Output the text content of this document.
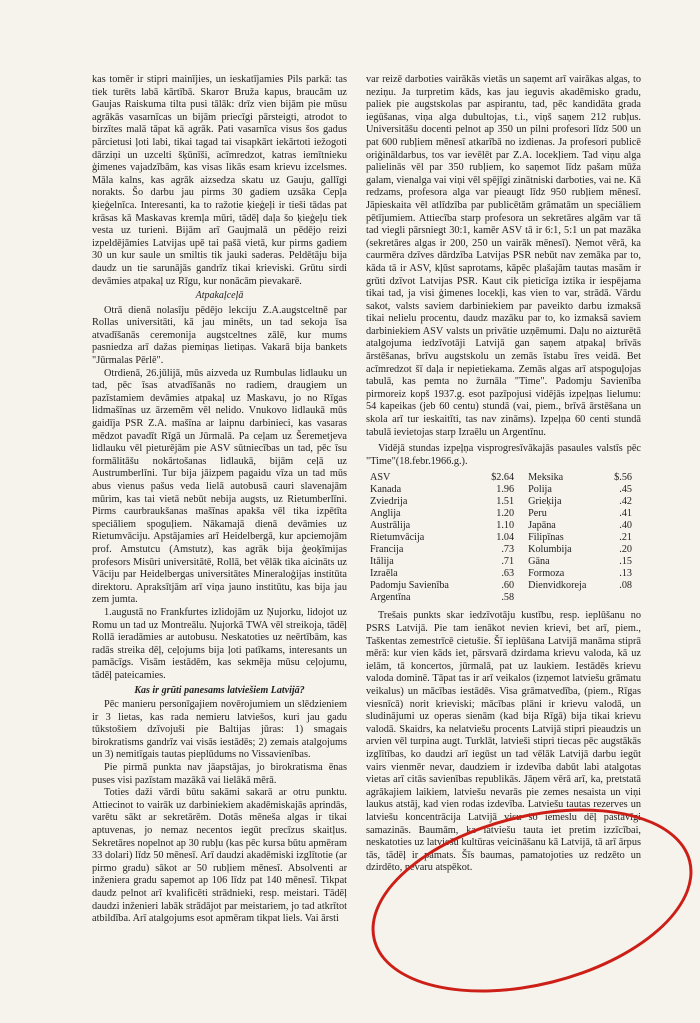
kas tomēr ir stipri mainījies, un ieskatījamies Pils parkā: tas tiek turēts labā kārtībā. Skaroт Bruža kapus, braucām uz Gaujas Raiskuma tilta pusi tālāk: drīz vien bijām pie mūsu agrākās vasarnīcas un bijām priecīgi pārsteigti, atrodot to birzītes malā tāpat kā agrāk. Pati vasarnīca visus šos gadus pārcietusi ļoti labi, tikai tagad tai visapkārt iekārtoti iežogoti dārziņi un uzcelti šķūnīši, acīmredzot, katras iemītnieku ģimenes vajadzībām, kas visas likās esam krievu izcelsmes. Māla kalns, kas agrāk aizsedza skatu uz Gauju, gallīgi norakts. Šo darbu jau pirms 30 gadiem uzsāka Cepļa ķieģelnīca. Interesanti, ka to ražotie ķieģeļi ir tieši tādas pat krāsas kā Maskavas kremļa mūri, tādēļ daļa šo ķieģeļu tiek vesta uz turieni. Bijām arī Gaujmalā un pēdējo reizi izpeldējāmies Latvijas upē tai pašā vietā, kur pirms gadiem 30 un kur saule un smiltis tik jauki saderas. Peldētāju bija daudz un tie sarunājās gandrīz tikai krieviski. Grūtu sirdi devāmies atpakaļ uz Rīgu, kur nonācām pievakarē.

Atpakaļceļā

Otrā dienā nolasīju pēdējo lekciju Z.A.augstceltnē par Rollas universitāti, kā jau minēts, un tad sekoja īsa atvadīšanās ceremonija augstceltnes zālē, kur mums pasniedza arī dažas piemiņas lietiņas. Vakarā bija bankets "Jūrmalas Pērlē".

Otrdienā, 26.jūlijā, mūs aizveda uz Rumbulas lidlauku un tad, pēc īsas atvadīšanās no radiem, draugiem un pazīstamiem devāmies atpakaļ uz Maskavu, jo no Rīgas lidmašīnas uz ārzemēm vēl nelido. Vnukovo lidlaukā mūs gaidīja PSR Z.A. mašīna ar laipnu darbinieci, kas vasaras mēdzot pavadīt Rīgā un Jūrmalā. Pa ceļam uz Šeremetjeva lidlauku vēl pieturējām pie ASV sūtniecības un tad, pēc īsu formālitāšu nokārtošanas lidlaukā, bijām ceļā uz Austrumberlīni. Tur bija jāizpem pagaidu vīza un tad mūs abus vienus pašus veda lielā autobusā cauri slavenajām mūrim, kas tai vietā nebūt nebija augsts, uz Rietumberlīni. Pirms caurbraukšanas mašīnas apakša vēl tika izpētīta speciāliem spoguļiem. Nākamajā dienā devāmies uz Rietumvāciju. Apstājamies arī Heidelbergā, kur apciemojām prof. Amstutcu (Amstutz), kas agrāk bija ģeoķīmijas profesors Misūri universitātē, Rollā, bet vēlāk tika aicināts uz Vāciju par Heidelbergas universitātes Mineraloģijas institūta direktoru. Apraksītjām arī viņa jauno institūtu, kas bija jau zem jumta.

1.augustā no Frankfurtes izlidojām uz Ņujorku, lidojot uz Romu un tad uz Montreālu. Ņujorkā TWA vēl streikoja, tādēļ Rollā ieradāmies ar autobusu. Neskatoties uz neērtībām, kas radās streika dēļ, ceļojums bija ļoti patīkams, interesants un pamācīgs. Visām iestādēm, kas sekmēja mūsu ceļojumu, tādēļ pateicamies.

Kas ir grūti panesams latviešiem Latvijā?

Pēc manieru personīgajiem novērojumiem un slēdzieniem ir 3 lietas, kas rada nemieru latviešos, kuri jau gadu tūkstošiem dzīvojuši pie Baltijas jūras: 1) smagais birokratisms gandrīz vai visās iestādēs; 2) zemais atalgojums un 3) nemitīgais tautas pieplūdums no Vissavienības.

Pie pirmā punkta nav jāapstājas, jo birokratisma ēnas puses visi pazīstam mazākā vai lielākā mērā.

Toties daži vārdi būtu sakāmi sakarā ar otru punktu. Attiecinot to vairāk uz darbiniekiem akadēmiskajās aprindās, varētu sākt ar sekretārēm. Dotās mēneša algas ir tikai aptuvenas, jo nemaz necentos iegūt precīzus skaitļus. Sekretāres nopelnot ap 30 rubļu (kas pēc kursa būtu apmēram 33 dolari) līdz 50 mēnesī. Arī daudzi akadēmiski izglītotie (ar pirmo gradu) sākot ar 50 rubļiem mēnesī. Absolventi ar inženiera gradu sapemot ap 106 līdz pat 140 mēnesī. Tikpat daudz pelnot arī kvalificēti strādnieki, resp. meistari. Tādēļ daudzi inženieri labāk strādājot par meistariem, jo tad atkrītot atbildība. Arī atalgojums esot apmēram tikpat liels. Vai ārsti

var reizē darboties vairākās vietās un saņemt arī vairākas algas, to neziņu. Ja turpretim kāds, kas jau ieguvis akadēmisko gradu, paliek pie augstskolas par aspirantu, tad, pēc kandidāta grada iegūšanas, viņa alga dubultojas, t.i., viņš saņem 212 rubļus. Universitāšu docenti pelnot ap 350 un pilni profesori līdz 500 un pat 600 rubļiem mēnesī atkarībā no izdienas. Ja profesori publicē oriģināldarbus, tos var ievēlēt par Z.A. locekļiem. Tad viņu alga palielinās vēl par 350 rubļiem, ko saņemot līdz pašam mūža galam, vienalga vai viņi vēl spējīgi zinātniski darboties, vai ne. Kā redzams, profesora alga var pieaugt līdz 950 rubļiem mēnesī. Jāpieskaita vēl atlīdzība par publicētām grāmatām un speciāliem pētījumiem. Attiecība starp profesora un sekretāres algām var tā tad viegli pārsniegt 30:1, kamēr ASV tā ir 6:1, 5:1 un pat mazāka (sekretāres algas ir 200, 250 un vairāk mēnesī). Ņemot vērā, ka caurmēra dzīves dārdzība Latvijas PSR nebūt nav zemāka par to, kāda tā ir ASV, kļūst saprotams, kāpēc plašajām tautas masām ir grūti dzīvot Latvijas PSR. Kaut cik pieticīga iztika ir iespējama tikai tad, ja visi ģimenes locekļi, kas vien to var, strādā. Vārdu sakot, valsts saviem darbiniekiem par paveikto darbu izmaksā tikai nelielu procentu, daudz mazāku par to, ko izmaksā saviem darbiniekiem ASV valsts un privātie uzņēmumi. Daļu no aizturētā atalgojuma iedzīvotāji Latvijā gan saņem atpakaļ brīvās ārstēšanas, brīvu augstskolu un zemās īstabu īres veidā. Bet acīmredzot šī daļa ir nepietiekama. Zemās algas arī atspoguļojas tabulā, kas pemta no žurnāla "Time". Padomju Savienība pirmoreiz kopš 1937.g. esot pazīpojusi vidējās izpeļņas lielumu: 54 kapeikas (jeb 60 centu) stundā (vai, piem., brīvā ārstēšana un skola arī tur ieskaitīti, tas nav zināms). Izpeļņa 60 centi stundā tabulā ievietojas starp Izraēlu un Argentīnu.

Vidējā stundas izpeļņa visprogresīvākajās pasaules valstīs pēc "Time"(18.febr.1966.g.).

ASV	$2.64	Meksika	$.56
Kanada	1.96	Polija	.45
Zviedrija	1.51	Grieķija	.42
Anglija	1.20	Peru	.41
Austrālija	1.10	Japāna	.40
Rietumvācija	1.04	Filipīnas	.21
Francija	.73	Kolumbija	.20
Itālija	.71	Gāna	.15
Izraēla	.63	Formoza	.13
Padomju Savienība	.60	Dienvidkoreja	.08
Argentīna	.58		

Trešais punkts skar iedzīvotāju kustību, resp. ieplūšanu no PSRS Latvijā. Pie tam ienākot nevien krievi, bet arī, piem., Taškentas zemestrīcē cietušie. Šī ieplūšana Latvijā manāma stiprā mērā: kur vien kāds iet, pārsvarā dzirdama krievu valoda, kā uz ielām, tā koncertos, jūrmalā, pat uz laukiem. Iestādēs krievu valoda dominē. Tāpat tas ir arī veikalos (izņemot latviešu grāmatu veikalus) un mācības iestādēs. Visa grāmatvedība, (piem., Rīgas viesnīcā) norit krieviski; mācības plāni ir krievu valodā, un sludinājumi uz operas sienām (kad bija Rīgā) bija tikai krievu valodā. Skaidrs, ka nelatviešu procents Latvijā stipri pieaudzis un arvien vēl turpina augt. Turklāt, latvieši stipri tiecas pēc augstākās izglītības, ko daudzi arī iegūst un tad vēlāk Latvijā darbu iegūt vairs vienmēr nevar, daudziem ir izdevība dabūt labi atalgotas vietas arī citās savienības republikās. Jāņem vērā arī, ka, pretstatā agrākajiem laikiem, latviešu nevarās pie zemes nesaista un viņi laukus atstāj, kad vien rodas izdevība. Latviešu tautas rezerves un latviešu koncentrācija Latvijā visu šo iemeslu dēļ pastāvīgi samazinās. Baumām, ka latviešu tauta iet pretim izzīcībai, neskatoties uz latviešu kultūras veicināšanu kā Latvijā, tā arī ārpus tās, tādēļ ir pamats. Šīs baumas, pamatojoties uz redzēto un dzirdēto, nevaru atspēkot.
